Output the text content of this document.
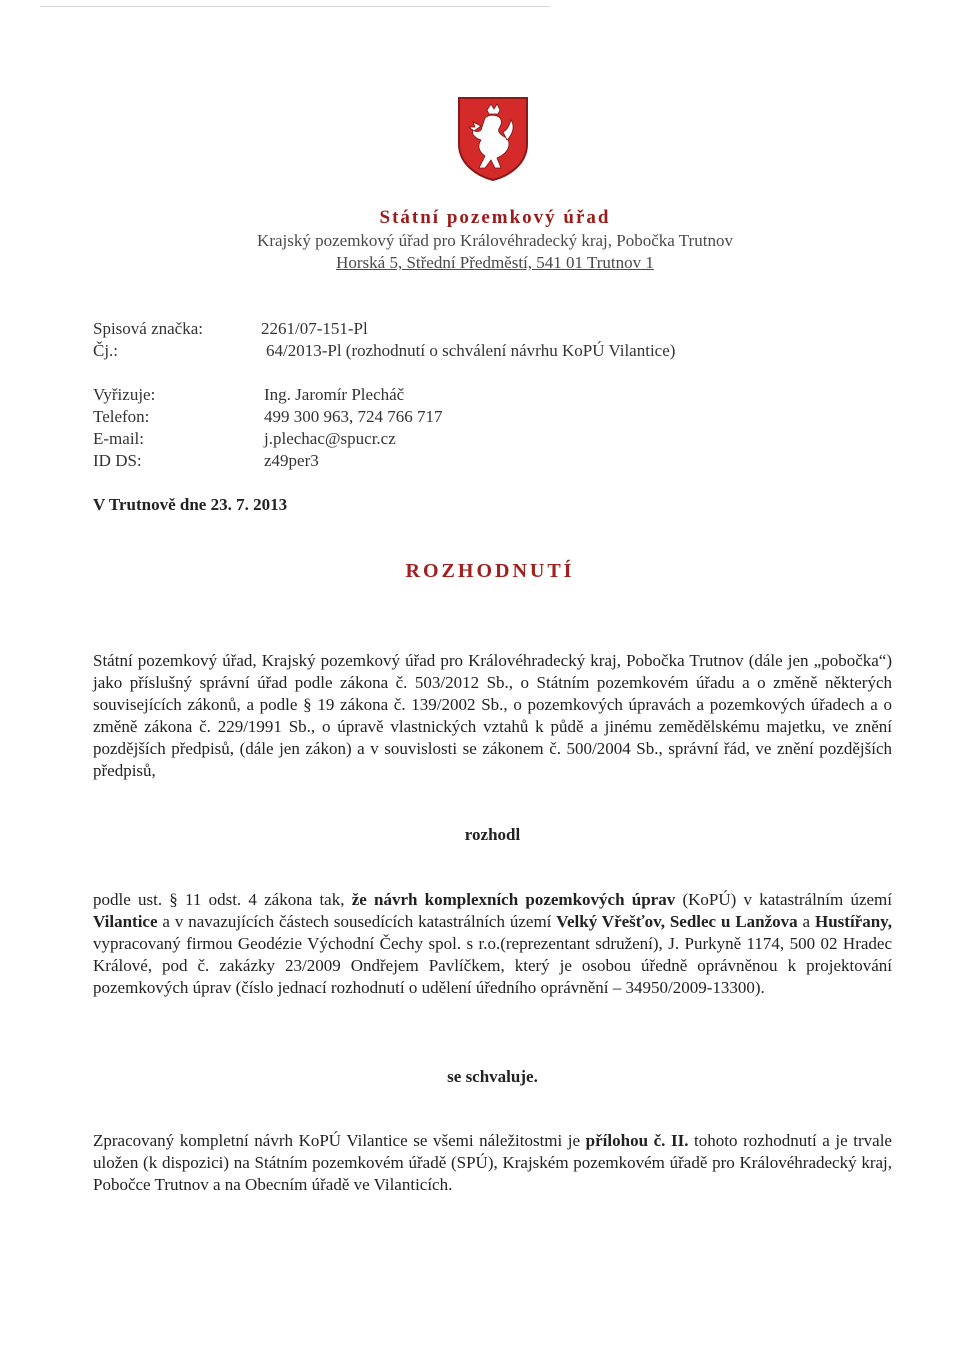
Státní pozemkový úřad
Krajský pozemkový úřad pro Královéhradecký kraj, Pobočka Trutnov
Horská 5, Střední Předměstí, 541 01 Trutnov 1
Spisová značka:	2261/07-151-Pl
Čj.:	64/2013-Pl (rozhodnutí o schválení návrhu KoPÚ Vilantice)
Vyřizuje:	Ing. Jaromír Plecháč
Telefon:	499 300 963, 724 766 717
E-mail:	j.plechac@spucr.cz
ID DS:	z49per3
V Trutnově dne 23. 7. 2013
ROZHODNUTÍ
Státní pozemkový úřad, Krajský pozemkový úřad pro Královéhradecký kraj, Pobočka Trutnov (dále jen „pobočka“) jako příslušný správní úřad podle zákona č. 503/2012 Sb., o Státním pozemkovém úřadu a o změně některých souvisejících zákonů, a podle § 19 zákona č. 139/2002 Sb., o pozemkových úpravách a pozemkových úřadech a o změně zákona č. 229/1991 Sb., o úpravě vlastnických vztahů k půdě a jinému zemědělskému majetku, ve znění pozdějších předpisů, (dále jen zákon) a v souvislosti se zákonem č. 500/2004 Sb., správní řád, ve znění pozdějších předpisů,
rozhodl
podle ust. § 11 odst. 4 zákona tak, že návrh komplexních pozemkových úprav (KoPÚ) v katastrálním území Vilantice a v navazujících částech sousedících katastrálních území Velký Vřešťov, Sedlec u Lanžova a Hustířany, vypracovaný firmou Geodézie Východní Čechy spol. s r.o.(reprezentant sdružení), J. Purkyně 1174, 500 02 Hradec Králové, pod č. zakázky 23/2009 Ondřejem Pavlíčkem, který je osobou úředně oprávněnou k projektování pozemkových úprav (číslo jednací rozhodnutí o udělení úředního oprávnění – 34950/2009-13300).
se schvaluje.
Zpracovaný kompletní návrh KoPÚ Vilantice se všemi náležitostmi je přílohou č. II. tohoto rozhodnutí a je trvale uložen (k dispozici) na Státním pozemkovém úřadě (SPÚ), Krajském pozemkovém úřadě pro Královéhradecký kraj, Pobočce Trutnov a na Obecním úřadě ve Vilanticích.
